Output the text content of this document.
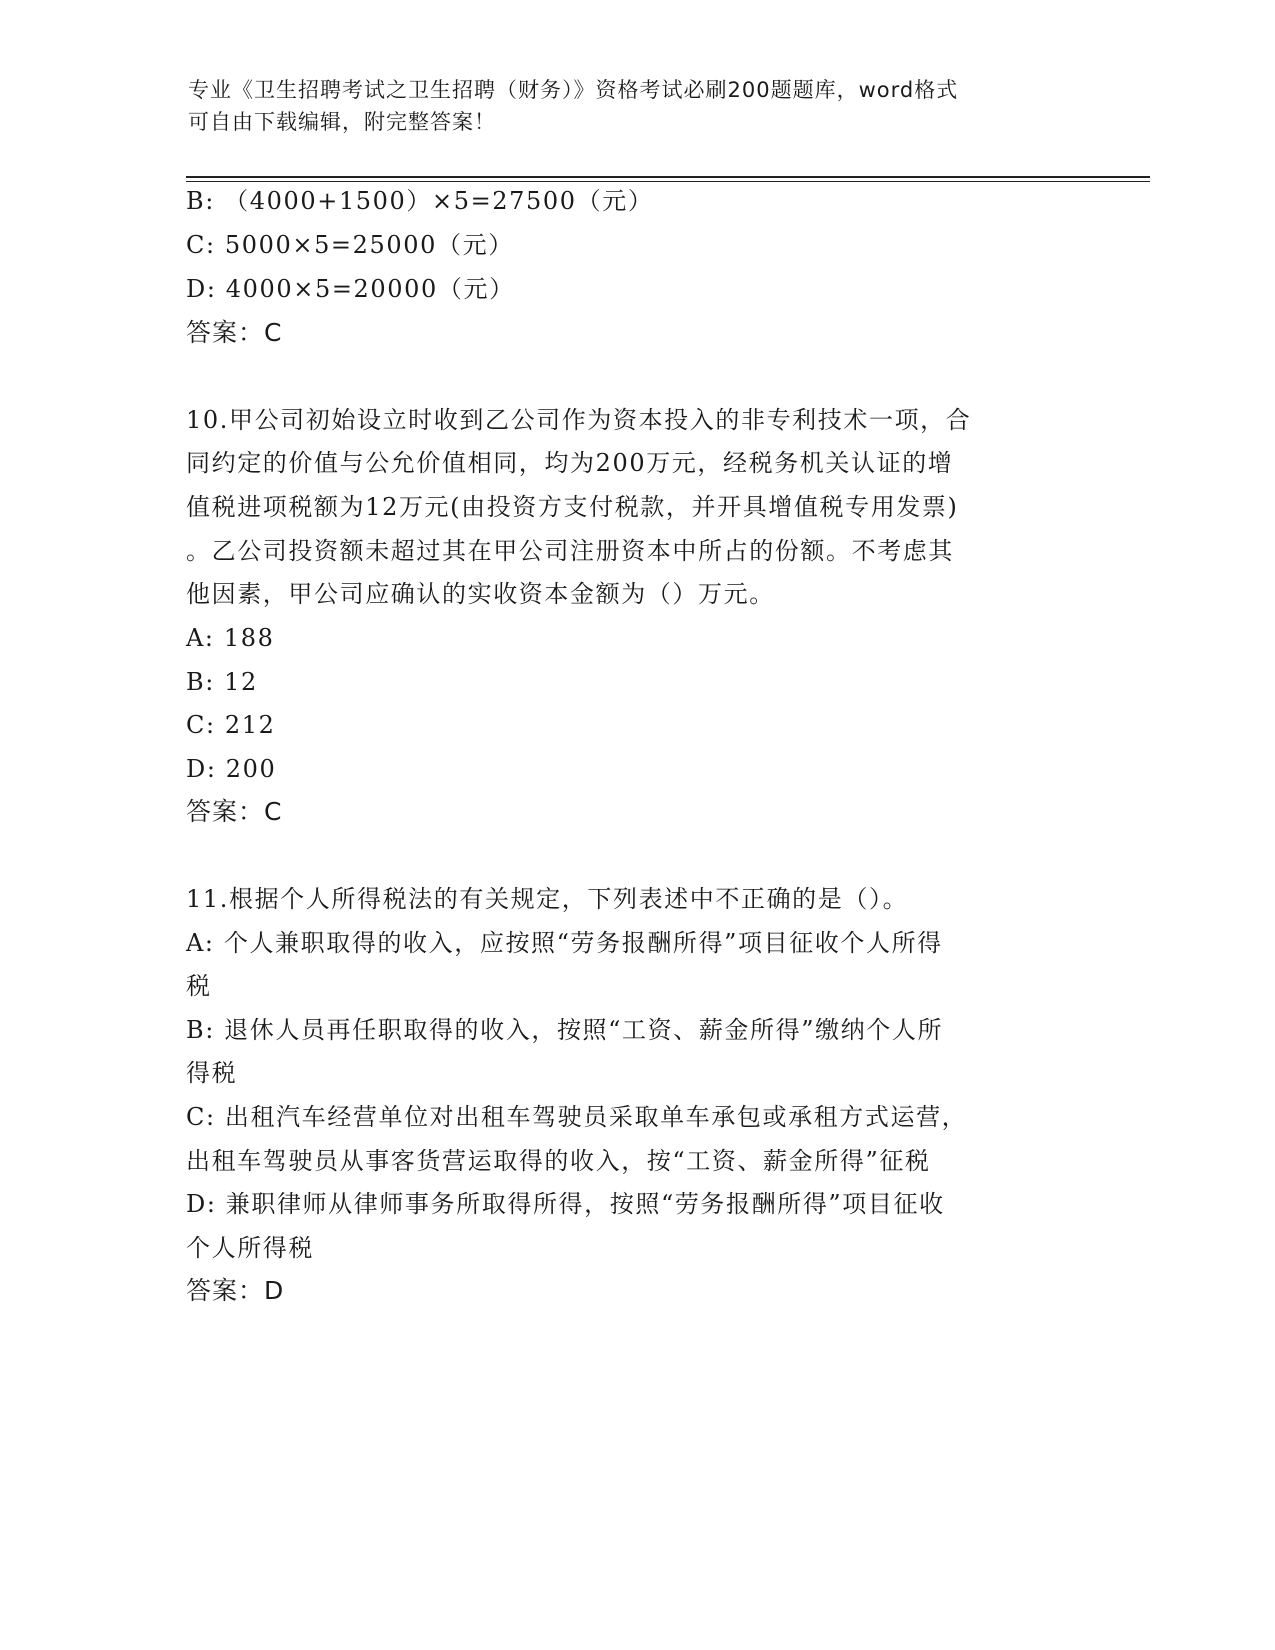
专业《卫生招聘考试之卫生招聘（财务）》资格考试必刷200题题库，word格式
可自由下载编辑，附完整答案！
B: （4000+1500）×5=27500（元）
C: 5000×5=25000（元）
D: 4000×5=20000（元）
答案：C
10.甲公司初始设立时收到乙公司作为资本投入的非专利技术一项，合
同约定的价值与公允价值相同，均为200万元，经税务机关认证的增
值税进项税额为12万元(由投资方支付税款，并开具增值税专用发票)
。乙公司投资额未超过其在甲公司注册资本中所占的份额。不考虑其
他因素，甲公司应确认的实收资本金额为（）万元。
A: 188
B: 12
C: 212
D: 200
答案：C
11.根据个人所得税法的有关规定，下列表述中不正确的是（）。
A: 个人兼职取得的收入，应按照“劳务报酬所得”项目征收个人所得
税
B: 退休人员再任职取得的收入，按照“工资、薪金所得”缴纳个人所
得税
C: 出租汽车经营单位对出租车驾驶员采取单车承包或承租方式运营，
出租车驾驶员从事客货营运取得的收入，按“工资、薪金所得”征税
D: 兼职律师从律师事务所取得所得，按照“劳务报酬所得”项目征收
个人所得税
答案：D
